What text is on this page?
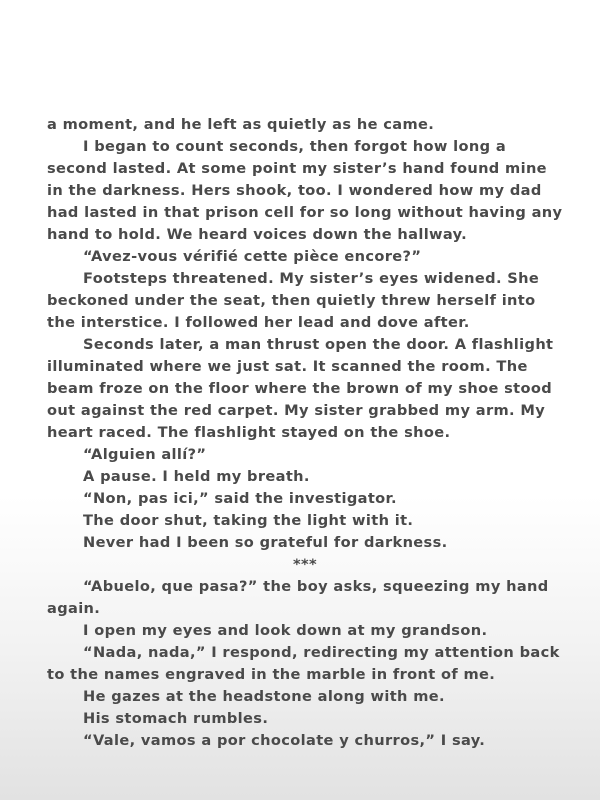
a moment, and he left as quietly as he came.

I began to count seconds, then forgot how long a second lasted. At some point my sister’s hand found mine in the darkness. Hers shook, too. I wondered how my dad had lasted in that prison cell for so long without having any hand to hold. We heard voices down the hallway.

“Avez-vous vérifié cette pièce encore?”

Footsteps threatened. My sister’s eyes widened. She beckoned under the seat, then quietly threw herself into the interstice. I followed her lead and dove after.

Seconds later, a man thrust open the door. A flashlight illuminated where we just sat. It scanned the room. The beam froze on the floor where the brown of my shoe stood out against the red carpet. My sister grabbed my arm. My heart raced. The flashlight stayed on the shoe.

“Alguien allí?”

A pause. I held my breath.

“Non, pas ici,” said the investigator.

The door shut, taking the light with it.

Never had I been so grateful for darkness.

***

“Abuelo, que pasa?” the boy asks, squeezing my hand again.

I open my eyes and look down at my grandson.

“Nada, nada,” I respond, redirecting my attention back to the names engraved in the marble in front of me.

He gazes at the headstone along with me.

His stomach rumbles.

“Vale, vamos a por chocolate y churros,” I say.
